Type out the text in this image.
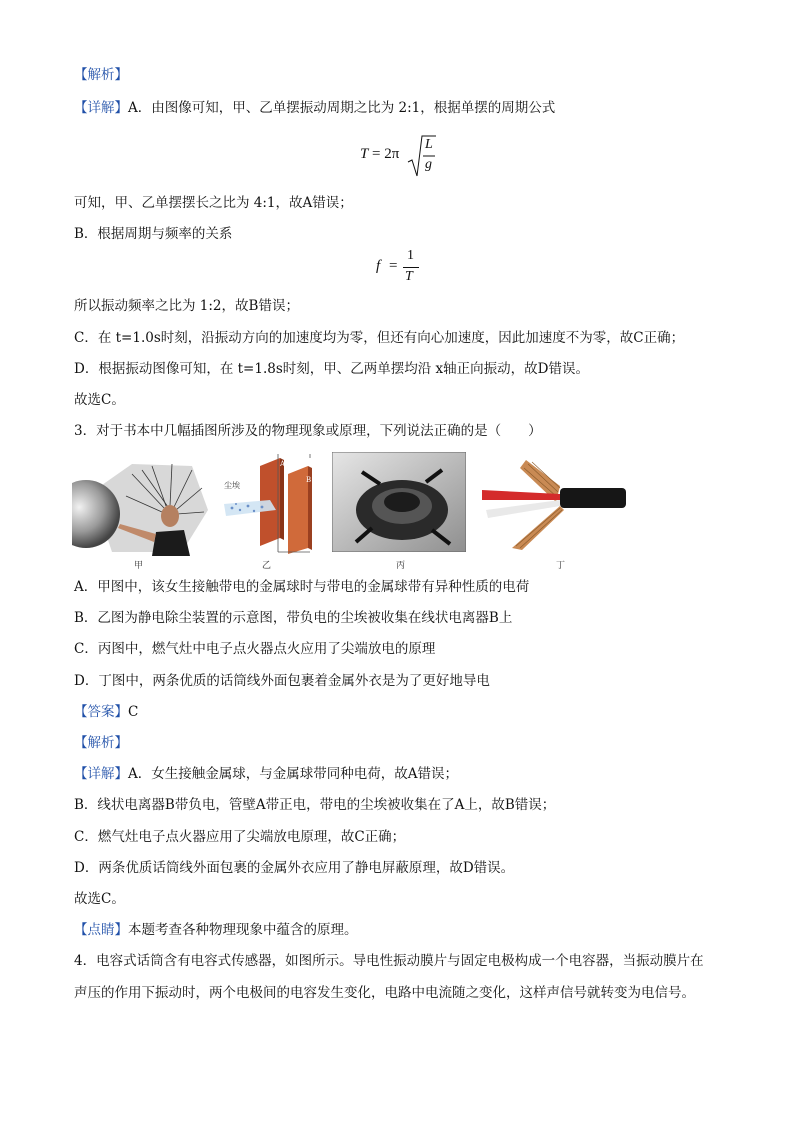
【解析】
【详解】A．由图像可知，甲、乙单摆振动周期之比为 2:1，根据单摆的周期公式
T = 2π
L
g
可知，甲、乙单摆摆长之比为 4:1，故A错误；
B．根据周期与频率的关系
f =
1
T
所以振动频率之比为 1:2，故B错误；
C．在 t=1.0s时刻，沿振动方向的加速度均为零，但还有向心加速度，因此加速度不为零，故C正确；
D．根据振动图像可知，在 t=1.8s时刻，甲、乙两单摆均沿 x轴正向振动，故D错误。
故选C。
3．对于书本中几幅插图所涉及的物理现象或原理，下列说法正确的是（　　）
甲
尘埃
A
B
乙	丙	丁
A．甲图中，该女生接触带电的金属球时与带电的金属球带有异种性质的电荷
B．乙图为静电除尘装置的示意图，带负电的尘埃被收集在线状电离器B上
C．丙图中，燃气灶中电子点火器点火应用了尖端放电的原理
D．丁图中，两条优质的话筒线外面包裹着金属外衣是为了更好地导电
【答案】C
【解析】
【详解】A．女生接触金属球，与金属球带同种电荷，故A错误；
B．线状电离器B带负电，管壁A带正电，带电的尘埃被收集在了A上，故B错误；
C．燃气灶电子点火器应用了尖端放电原理，故C正确；
D．两条优质话筒线外面包裹的金属外衣应用了静电屏蔽原理，故D错误。
故选C。
【点睛】本题考查各种物理现象中蕴含的原理。
4．电容式话筒含有电容式传感器，如图所示。导电性振动膜片与固定电极构成一个电容器，当振动膜片在
声压的作用下振动时，两个电极间的电容发生变化，电路中电流随之变化，这样声信号就转变为电信号。
